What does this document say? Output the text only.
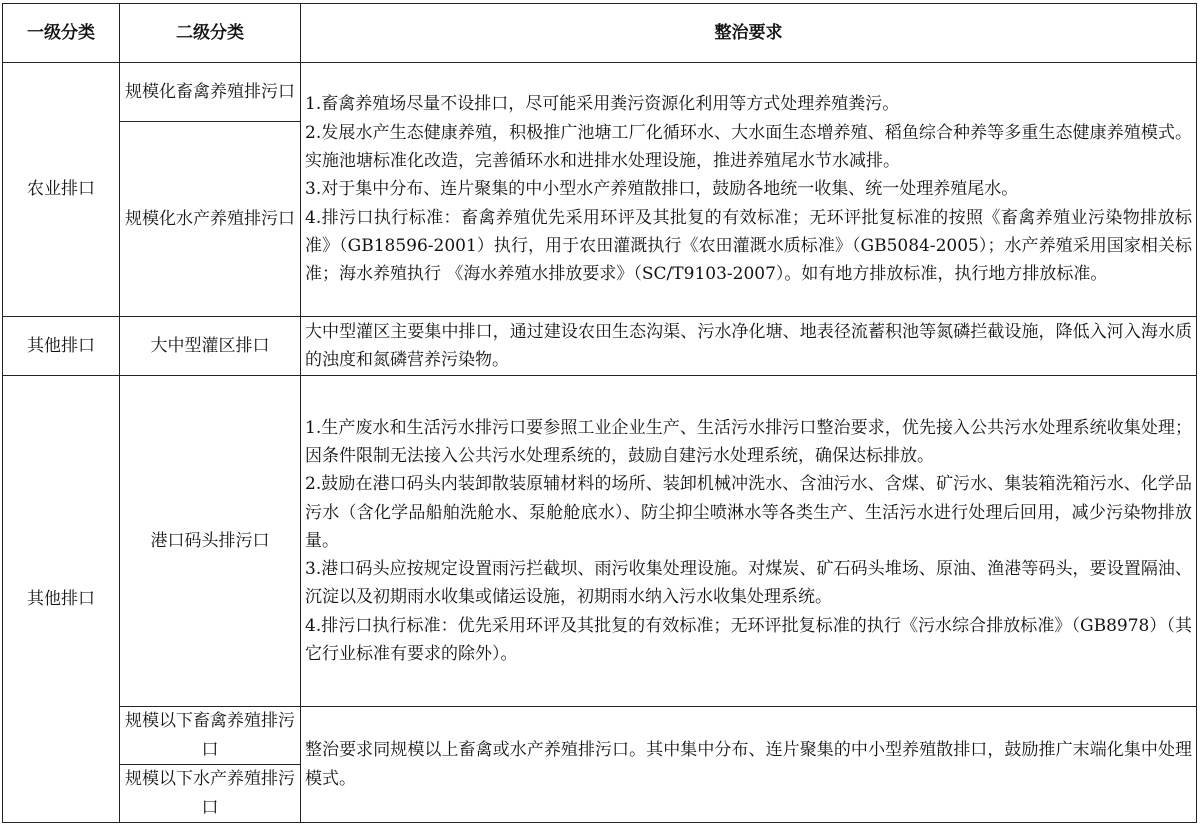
一级分类	二级分类	整治要求
农业排口	规模化畜禽养殖排污口	1.畜禽养殖场尽量不设排口，尽可能采用粪污资源化利用等方式处理养殖粪污。
2.发展水产生态健康养殖，积极推广池塘工厂化循环水、大水面生态增养殖、稻鱼综合种养等多重生态健康养殖模式。实施池塘标准化改造，完善循环水和进排水处理设施，推进养殖尾水节水减排。
3.对于集中分布、连片聚集的中小型水产养殖散排口，鼓励各地统一收集、统一处理养殖尾水。
4.排污口执行标准：畜禽养殖优先采用环评及其批复的有效标准；无环评批复标准的按照《畜禽养殖业污染物排放标准》（GB18596-2001）执行，用于农田灌溉执行《农田灌溉水质标准》（GB5084-2005）；水产养殖采用国家相关标准；海水养殖执行 《海水养殖水排放要求》（SC/T9103-2007）。如有地方排放标准，执行地方排放标准。

	规模化水产养殖排污口	
其他排口	大中型灌区排口	大中型灌区主要集中排口，通过建设农田生态沟渠、污水净化塘、地表径流蓄积池等氮磷拦截设施，降低入河入海水质的浊度和氮磷营养污染物。

其他排口	港口码头排污口	1.生产废水和生活污水排污口要参照工业企业生产、生活污水排污口整治要求，优先接入公共污水处理系统收集处理；因条件限制无法接入公共污水处理系统的，鼓励自建污水处理系统，确保达标排放。
2.鼓励在港口码头内装卸散装原辅材料的场所、装卸机械冲洗水、含油污水、含煤、矿污水、集装箱洗箱污水、化学品污水（含化学品船舶洗舱水、泵舱舱底水）、防尘抑尘喷淋水等各类生产、生活污水进行处理后回用，减少污染物排放量。
3.港口码头应按规定设置雨污拦截坝、雨污收集处理设施。对煤炭、矿石码头堆场、原油、渔港等码头，要设置隔油、沉淀以及初期雨水收集或储运设施，初期雨水纳入污水收集处理系统。
4.排污口执行标准：优先采用环评及其批复的有效标准；无环评批复标准的执行《污水综合排放标准》（GB8978）（其它行业标准有要求的除外）。

	规模以下畜禽养殖排污口	整治要求同规模以上畜禽或水产养殖排污口。其中集中分布、连片聚集的中小型养殖散排口，鼓励推广末端化集中处理模式。

	规模以下水产养殖排污口	
